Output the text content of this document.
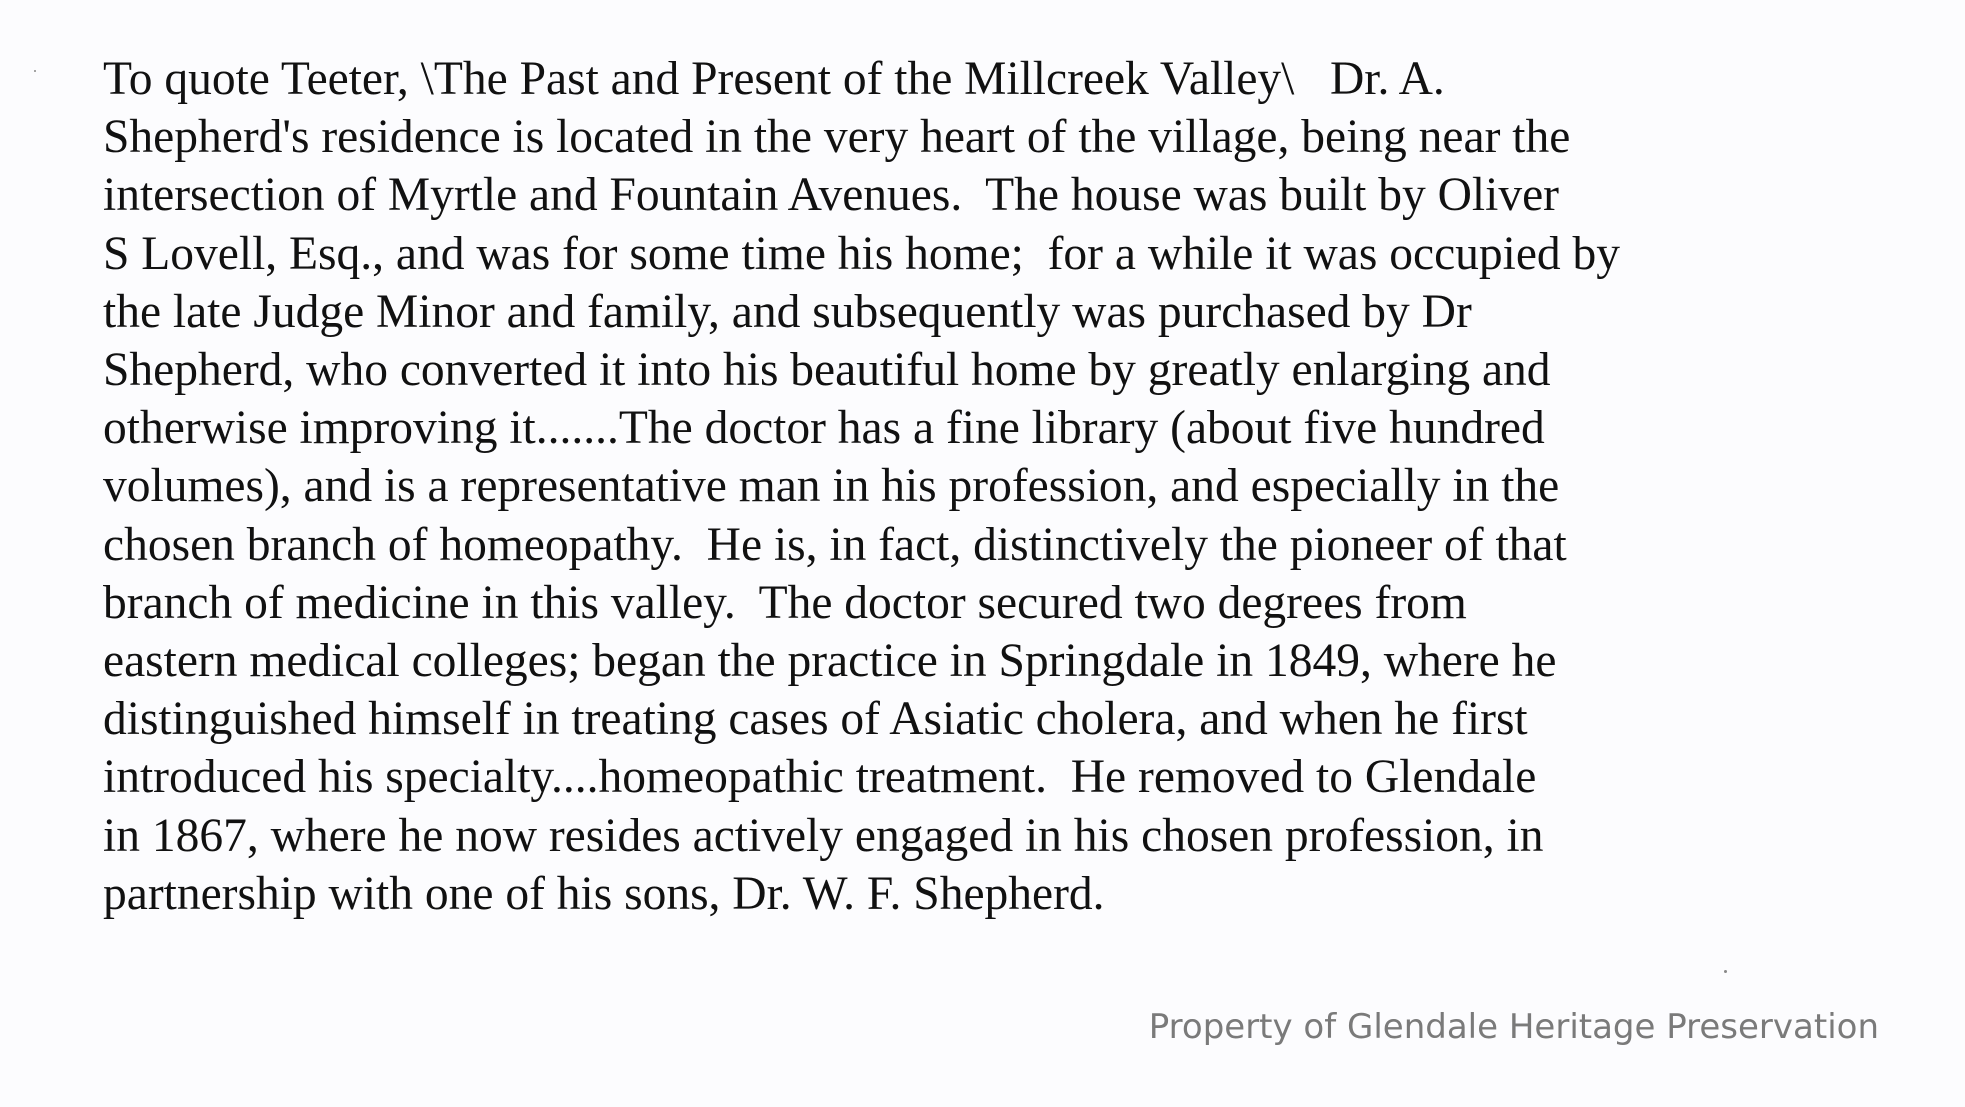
To quote Teeter, \The Past and Present of the Millcreek Valley\   Dr. A.
Shepherd's residence is located in the very heart of the village, being near the
intersection of Myrtle and Fountain Avenues.  The house was built by Oliver
S Lovell, Esq., and was for some time his home;  for a while it was occupied by
the late Judge Minor and family, and subsequently was purchased by Dr
Shepherd, who converted it into his beautiful home by greatly enlarging and
otherwise improving it.......The doctor has a fine library (about five hundred
volumes), and is a representative man in his profession, and especially in the
chosen branch of homeopathy.  He is, in fact, distinctively the pioneer of that
branch of medicine in this valley.  The doctor secured two degrees from
eastern medical colleges; began the practice in Springdale in 1849, where he
distinguished himself in treating cases of Asiatic cholera, and when he first
introduced his specialty....homeopathic treatment.  He removed to Glendale
in 1867, where he now resides actively engaged in his chosen profession, in
partnership with one of his sons, Dr. W. F. Shepherd.

Property of Glendale Heritage Preservation
